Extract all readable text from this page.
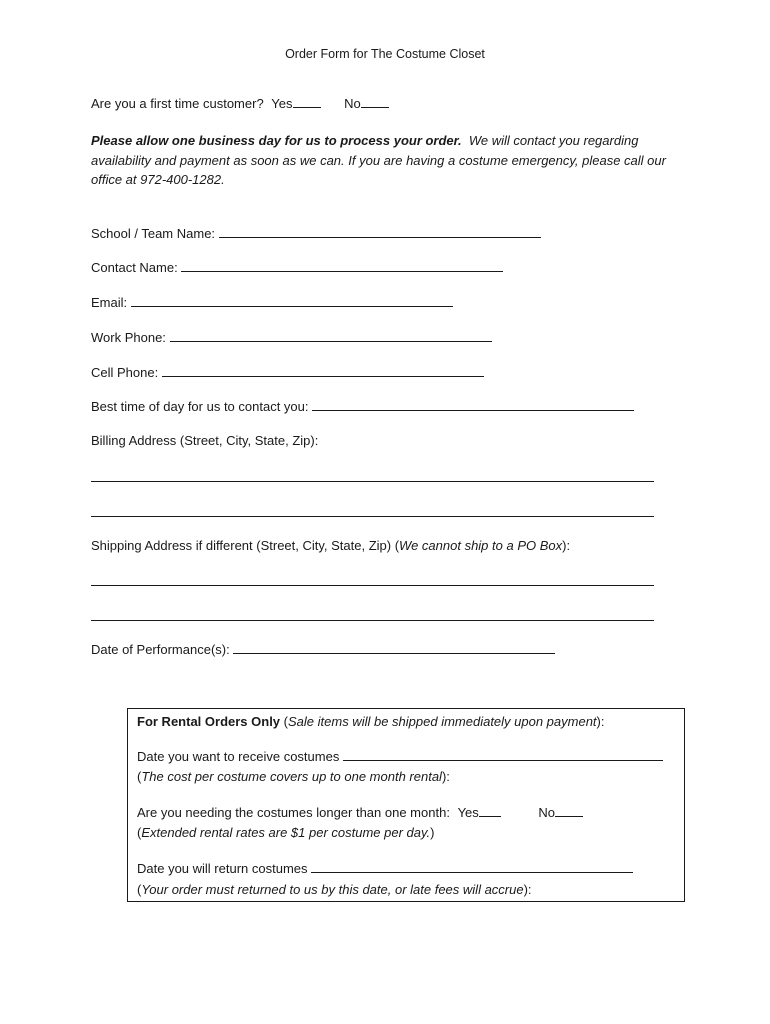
Order Form for The Costume Closet
Are you a first time customer? Yes	No
Please allow one business day for us to process your order. We will contact you regarding availability and payment as soon as we can. If you are having a costume emergency, please call our office at 972-400-1282.
School / Team Name:
Contact Name:
Email:
Work Phone:
Cell Phone:
Best time of day for us to contact you:
Billing Address (Street, City, State, Zip):
Shipping Address if different (Street, City, State, Zip) (We cannot ship to a PO Box):
Date of Performance(s):
For Rental Orders Only (Sale items will be shipped immediately upon payment):
Date you want to receive costumes
(The cost per costume covers up to one month rental):
Are you needing the costumes longer than one month: Yes	No
(Extended rental rates are $1 per costume per day.)
Date you will return costumes
(Your order must returned to us by this date, or late fees will accrue):
